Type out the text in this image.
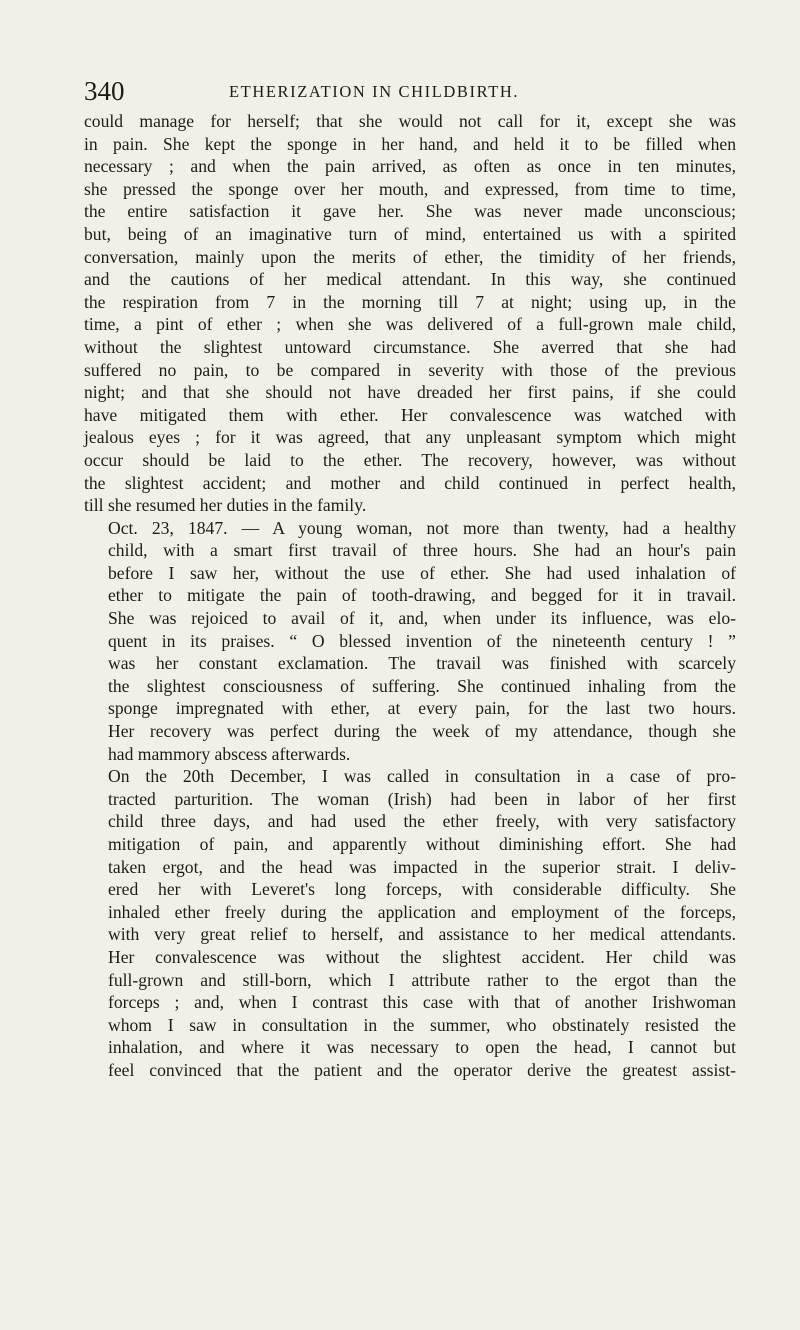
340	ETHERIZATION IN CHILDBIRTH.

could manage for herself; that she would not call for it, except she was
in pain. She kept the sponge in her hand, and held it to be filled when
necessary ; and when the pain arrived, as often as once in ten minutes,
she pressed the sponge over her mouth, and expressed, from time to time,
the entire satisfaction it gave her. She was never made unconscious;
but, being of an imaginative turn of mind, entertained us with a spirited
conversation, mainly upon the merits of ether, the timidity of her friends,
and the cautions of her medical attendant. In this way, she continued
the respiration from 7 in the morning till 7 at night; using up, in the
time, a pint of ether ; when she was delivered of a full-grown male child,
without the slightest untoward circumstance. She averred that she had
suffered no pain, to be compared in severity with those of the previous
night; and that she should not have dreaded her first pains, if she could
have mitigated them with ether. Her convalescence was watched with
jealous eyes ; for it was agreed, that any unpleasant symptom which might
occur should be laid to the ether. The recovery, however, was without
the slightest accident; and mother and child continued in perfect health,
till she resumed her duties in the family.

Oct. 23, 1847. — A young woman, not more than twenty, had a healthy
child, with a smart first travail of three hours. She had an hour's pain
before I saw her, without the use of ether. She had used inhalation of
ether to mitigate the pain of tooth-drawing, and begged for it in travail.
She was rejoiced to avail of it, and, when under its influence, was elo-
quent in its praises. “ O blessed invention of the nineteenth century ! ”
was her constant exclamation. The travail was finished with scarcely
the slightest consciousness of suffering. She continued inhaling from the
sponge impregnated with ether, at every pain, for the last two hours.
Her recovery was perfect during the week of my attendance, though she
had mammory abscess afterwards.

On the 20th December, I was called in consultation in a case of pro-
tracted parturition. The woman (Irish) had been in labor of her first
child three days, and had used the ether freely, with very satisfactory
mitigation of pain, and apparently without diminishing effort. She had
taken ergot, and the head was impacted in the superior strait. I deliv-
ered her with Leveret's long forceps, with considerable difficulty. She
inhaled ether freely during the application and employment of the forceps,
with very great relief to herself, and assistance to her medical attendants.
Her convalescence was without the slightest accident. Her child was
full-grown and still-born, which I attribute rather to the ergot than the
forceps ; and, when I contrast this case with that of another Irishwoman
whom I saw in consultation in the summer, who obstinately resisted the
inhalation, and where it was necessary to open the head, I cannot but
feel convinced that the patient and the operator derive the greatest assist-
